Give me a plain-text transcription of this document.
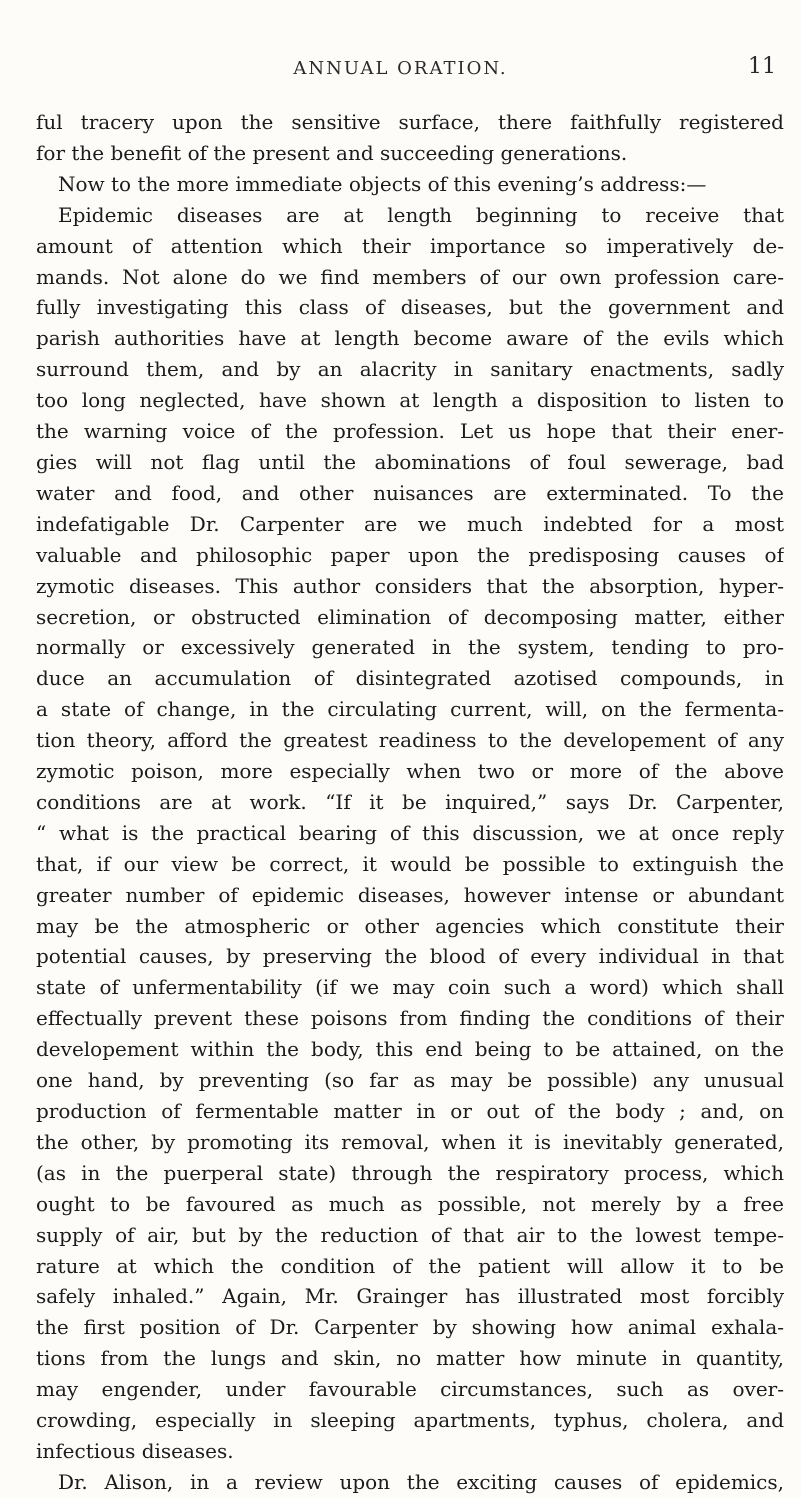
ANNUAL ORATION.	11
ful tracery upon the sensitive surface, there faithfully registered
for the benefit of the present and succeeding generations.
Now to the more immediate objects of this evening’s address:—
Epidemic diseases are at length beginning to receive that
amount of attention which their importance so imperatively de-
mands. Not alone do we find members of our own profession care-
fully investigating this class of diseases, but the government and
parish authorities have at length become aware of the evils which
surround them, and by an alacrity in sanitary enactments, sadly
too long neglected, have shown at length a disposition to listen to
the warning voice of the profession. Let us hope that their ener-
gies will not flag until the abominations of foul sewerage, bad
water and food, and other nuisances are exterminated. To the
indefatigable Dr. Carpenter are we much indebted for a most
valuable and philosophic paper upon the predisposing causes of
zymotic diseases. This author considers that the absorption, hyper-
secretion, or obstructed elimination of decomposing matter, either
normally or excessively generated in the system, tending to pro-
duce an accumulation of disintegrated azotised compounds, in
a state of change, in the circulating current, will, on the fermenta-
tion theory, afford the greatest readiness to the developement of any
zymotic poison, more especially when two or more of the above
conditions are at work. “If it be inquired,” says Dr. Carpenter,
“ what is the practical bearing of this discussion, we at once reply
that, if our view be correct, it would be possible to extinguish the
greater number of epidemic diseases, however intense or abundant
may be the atmospheric or other agencies which constitute their
potential causes, by preserving the blood of every individual in that
state of unfermentability (if we may coin such a word) which shall
effectually prevent these poisons from finding the conditions of their
developement within the body, this end being to be attained, on the
one hand, by preventing (so far as may be possible) any unusual
production of fermentable matter in or out of the body ; and, on
the other, by promoting its removal, when it is inevitably generated,
(as in the puerperal state) through the respiratory process, which
ought to be favoured as much as possible, not merely by a free
supply of air, but by the reduction of that air to the lowest tempe-
rature at which the condition of the patient will allow it to be
safely inhaled.” Again, Mr. Grainger has illustrated most forcibly
the first position of Dr. Carpenter by showing how animal exhala-
tions from the lungs and skin, no matter how minute in quantity,
may engender, under favourable circumstances, such as over-
crowding, especially in sleeping apartments, typhus, cholera, and
infectious diseases.
Dr. Alison, in a review upon the exciting causes of epidemics,
